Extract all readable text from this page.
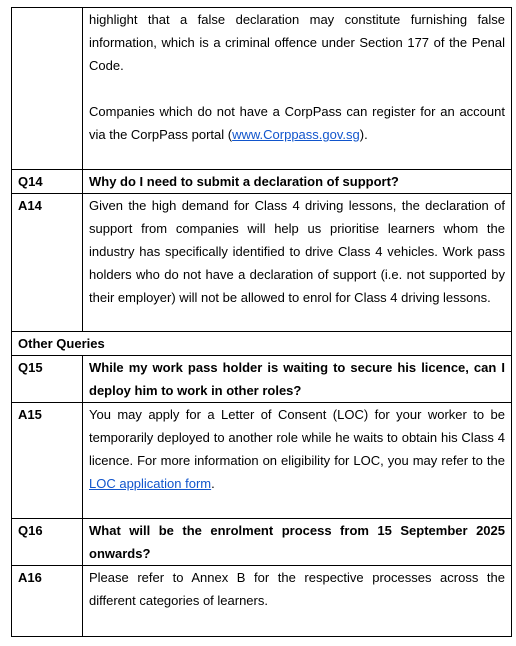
	highlight that a false declaration may constitute furnishing false information, which is a criminal offence under Section 177 of the Penal Code.

Companies which do not have a CorpPass can register for an account via the CorpPass portal (www.Corppass.gov.sg).

Q14	Why do I need to submit a declaration of support?
A14	Given the high demand for Class 4 driving lessons, the declaration of support from companies will help us prioritise learners whom the industry has specifically identified to drive Class 4 vehicles. Work pass holders who do not have a declaration of support (i.e. not supported by their employer) will not be allowed to enrol for Class 4 driving lessons.
Other Queries	
Q15	While my work pass holder is waiting to secure his licence, can I deploy him to work in other roles?
A15	You may apply for a Letter of Consent (LOC) for your worker to be temporarily deployed to another role while he waits to obtain his Class 4 licence. For more information on eligibility for LOC, you may refer to the LOC application form.
Q16	What will be the enrolment process from 15 September 2025 onwards?
A16	Please refer to Annex B for the respective processes across the different categories of learners.
